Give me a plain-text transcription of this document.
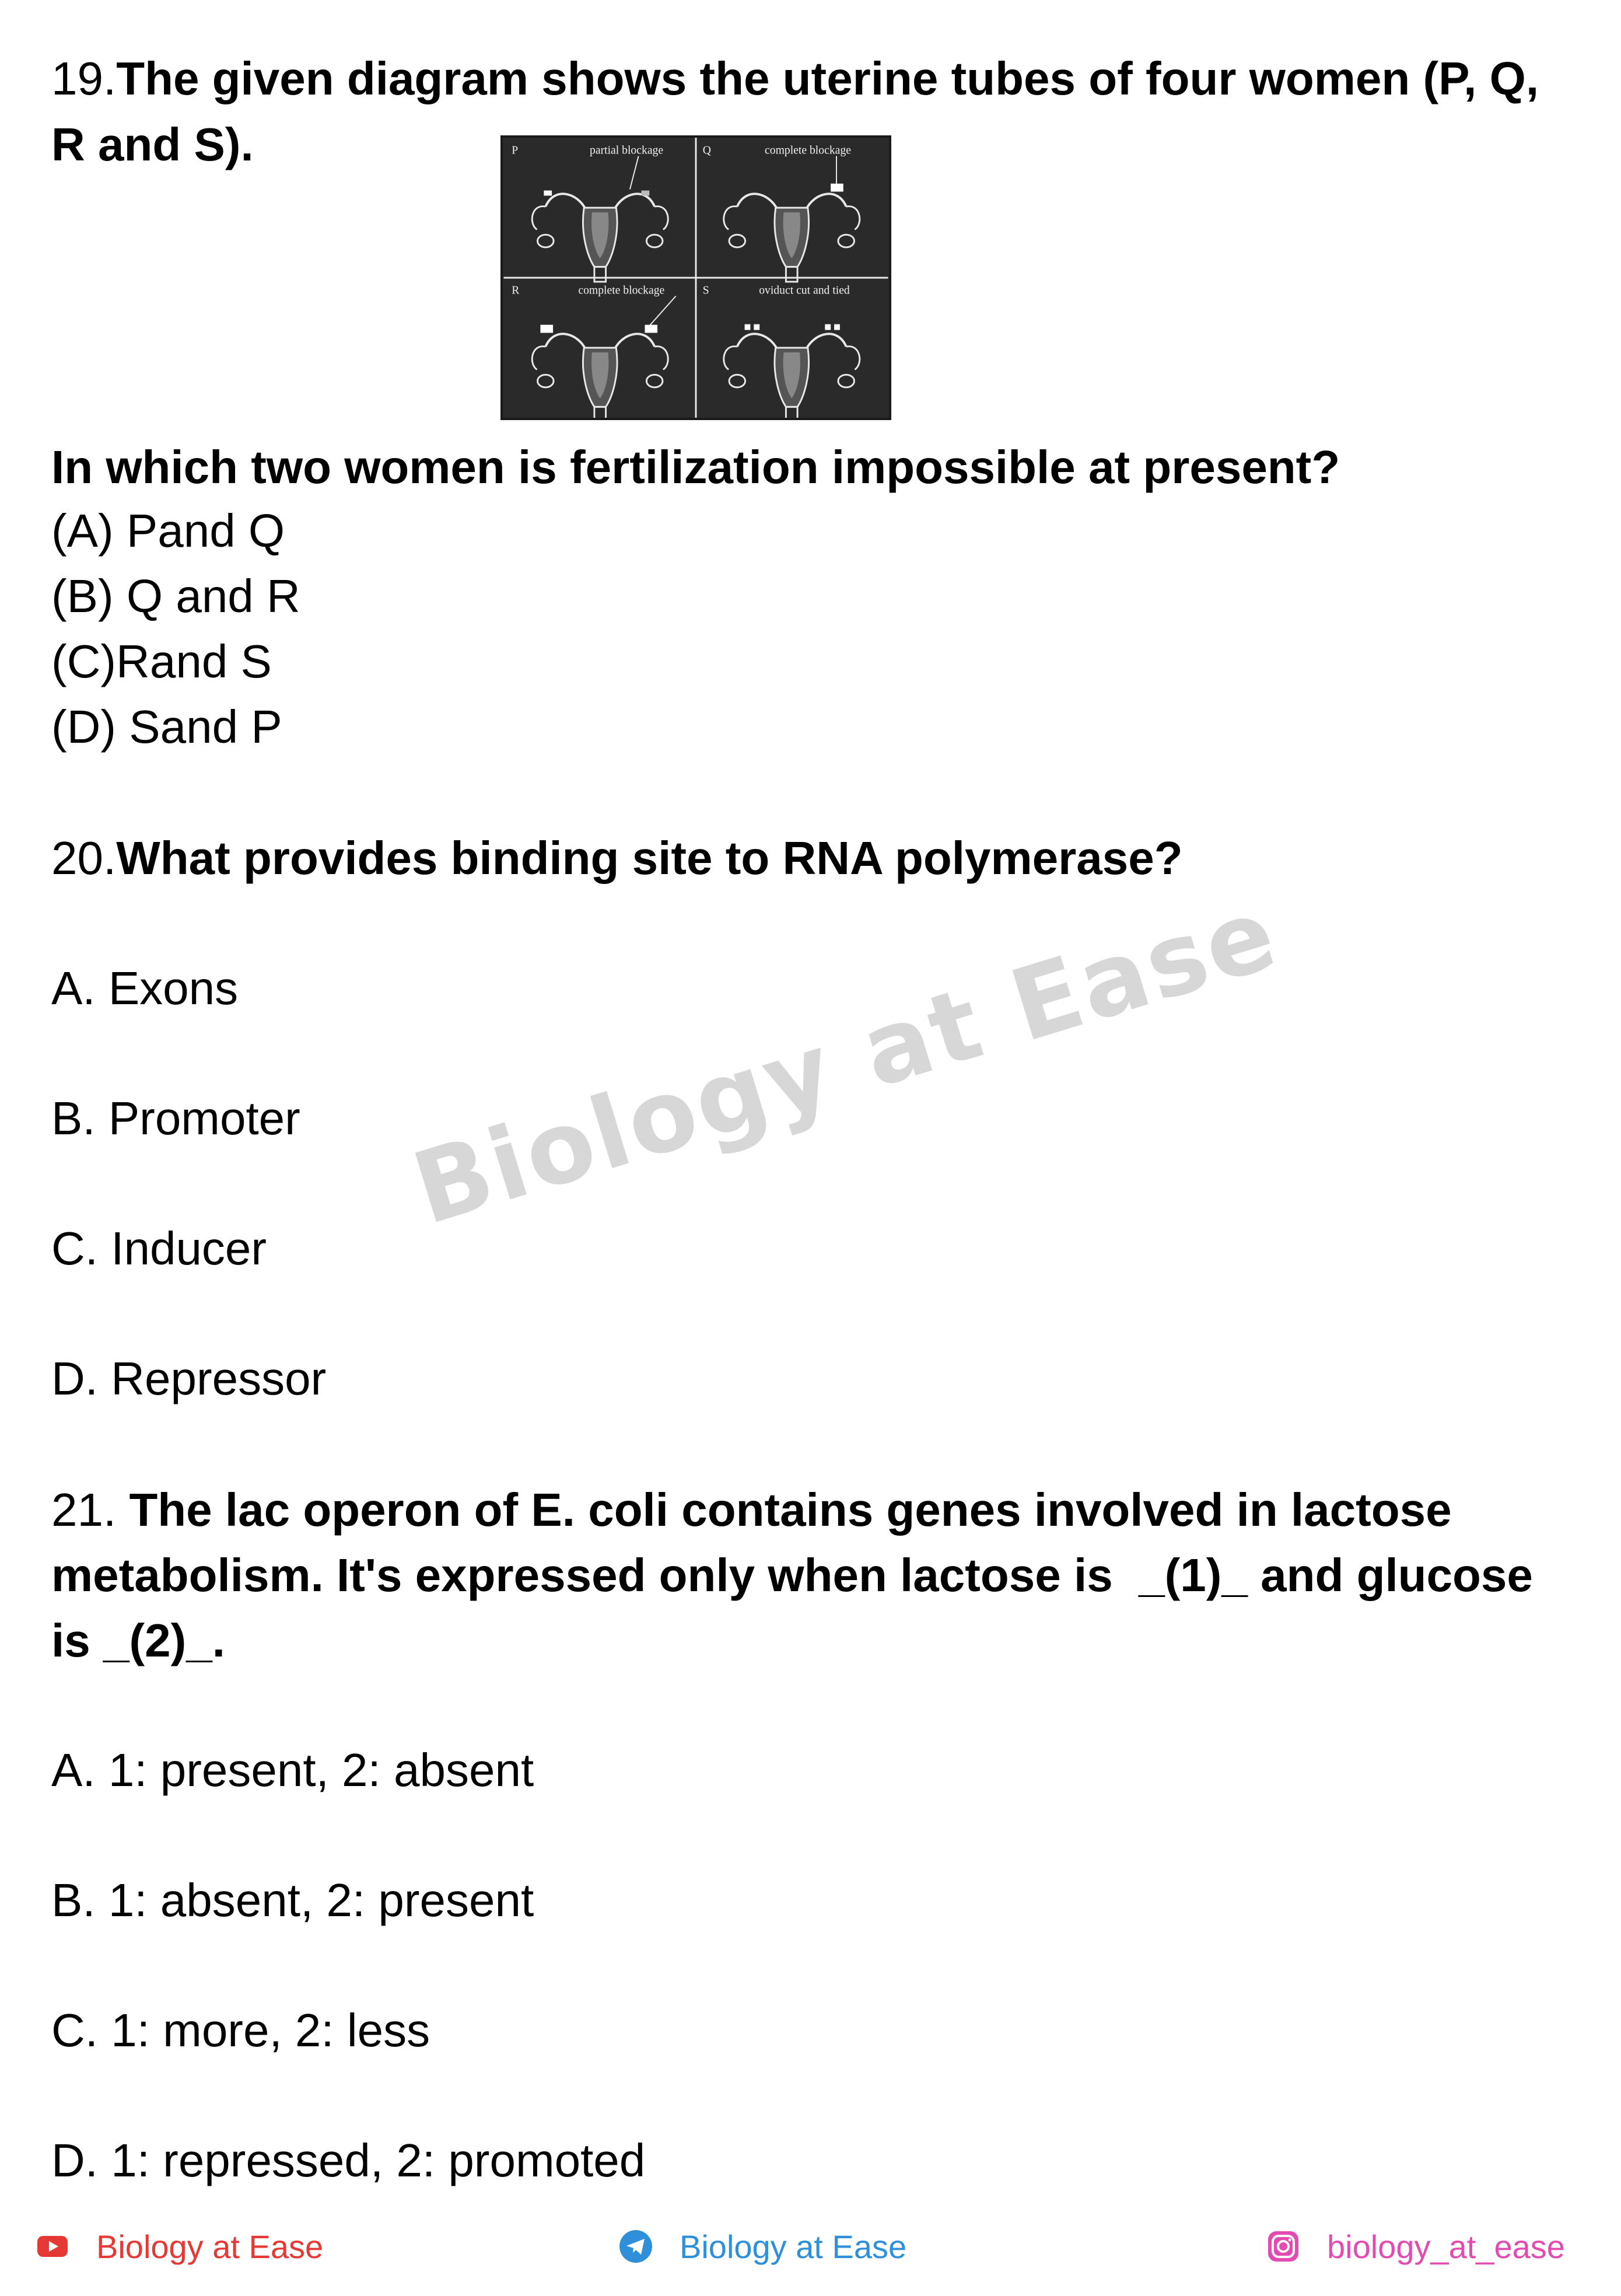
19.The given diagram shows the uterine tubes of four women (P, Q,
R and S).	P	partial blockage	Q	complete blockage
R	complete blockage	S	oviduct cut and tied
In which two women is fertilization impossible at present?
(A) Pand Q
(B) Q and R
(C)Rand S
(D) Sand P
20.What provides binding site to RNA polymerase?
A. Exons
B. Promoter
C. Inducer
D. Repressor
21. The lac operon of E. coli contains genes involved in lactose
metabolism. It's expressed only when lactose is  _(1)_ and glucose
is _(2)_.
A. 1: present, 2: absent
B. 1: absent, 2: present
C. 1: more, 2: less
D. 1: repressed, 2: promoted
Biology at Ease
Biology at Ease	Biology at Ease	biology_at_ease
